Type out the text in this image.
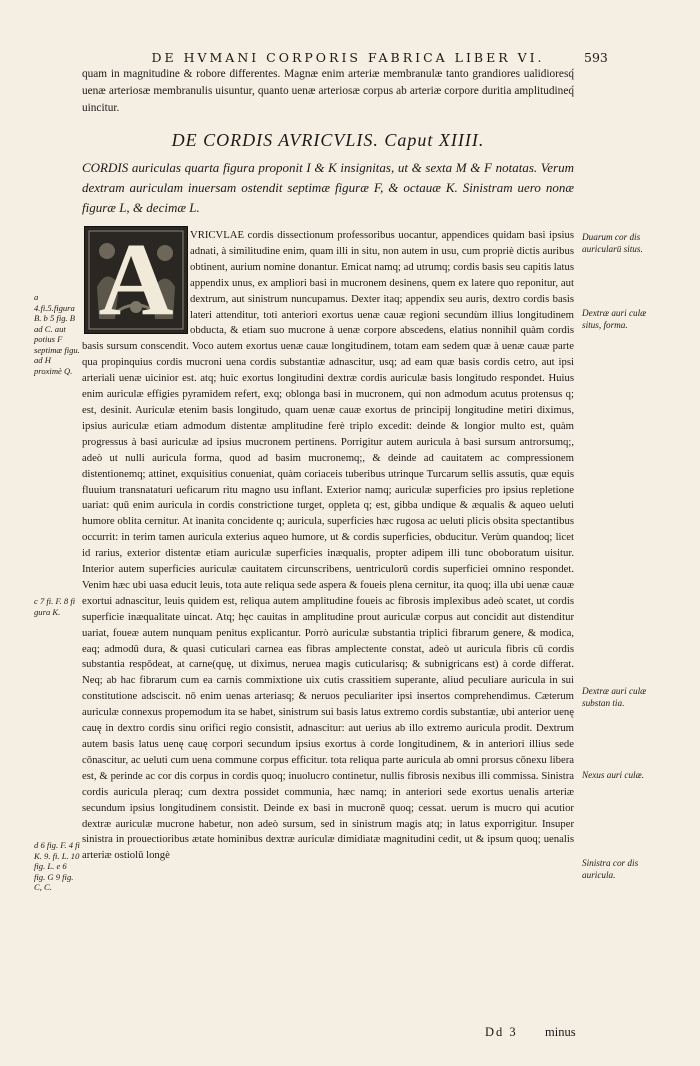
DE HVMANI CORPORIS FABRICA LIBER VI.	593
quam in magnitudine & robore differentes. Magnæ enim arteriæ membranulæ tanto grandiores ualidioresq́ uenæ arteriosæ membranulis uisuntur, quanto uenæ arteriosæ corpus ab arteriæ corpore duritia amplitudineq́ uincitur.
DE CORDIS AVRICVLIS. Caput XIIII.
CORDIS auriculas quarta figura proponit I & K insignitas, ut & sexta M & F notatas. Verum dextram auriculam inuersam ostendit septimæ figuræ F, & octauæ K. Sinistram uero nonæ figuræ L, & decimæ L.
A	VRICVLAE cordis dissectionum professoribus uocantur, appendices quidam basi ipsius adnati, à similitudine enim, quam illi in situ, non autem in usu, cum propriè dictis auribus obtinent, aurium nomine donantur. Emicat namq; ad utrumq; cordis basis seu capitis latus appendix unus, ex ampliori basi in mucronem desinens, quem ex latere quo reponitur, aut dextrum, aut sinistrum nuncupamus. Dexter itaq; appendix seu auris, dextro cordis basis lateri attenditur, toti anteriori exortus uenæ cauæ regioni secundùm illius longitudinem obducta, & etiam suo mucrone à uenæ corpore abscedens, elatius nonnihil quàm cordis basis sursum conscendit. Voco autem exortus uenæ cauæ longitudinem, totam eam sedem quæ à uenæ cauæ parte qua propinquius cordis mucroni uena cordis substantiæ adnascitur, usq; ad eam quæ basis cordis cetro, aut ipsi arteriali uenæ uicinior est. atq; huic exortus longitudini dextræ cordis auriculæ basis longitudo respondet. Huius enim auriculæ effigies pyramidem refert, exq; oblonga basi in mucronem, qui non admodum acutus protensus q; est, desinit. Auriculæ etenim basis longitudo, quam uenæ cauæ exortus de principij longitudine metiri diximus, ipsius auriculæ etiam admodum distentæ amplitudine ferè triplo excedit: deinde & longior multo est, quàm progressus à basi auriculæ ad ipsius mucronem pertinens. Porrigitur autem auricula à basi sursum antrorsumq;, adeò ut nulli auricula forma, quod ad basim mucronemq;, & deinde ad cauitatem ac compressionem distentionemq; attinet, exquisitius conueniat, quàm coriaceis tuberibus utrinque Turcarum sellis assutis, quæ equis fluuium transnataturi ueficarum ritu magno usu inflant. Exterior namq; auriculæ superficies pro ipsius repletione uariat: quū enim auricula in cordis constrictione turget, oppleta q; est, gibba undique & æqualis & aqueo ueluti humore oblita cernitur. At inanita concidente q; auricula, superficies hæc rugosa ac ueluti plicis obsita spectantibus occurrit: in terim tamen auricula exterius aqueo humore, ut & cordis superficies, obducitur. Verùm quandoq; licet id rarius, exterior distentæ etiam auriculæ superficies inæqualis, propter adipem illi tunc oboboratum uisitur. Interior autem superficies auriculæ cauitatem circunscribens, uentriculorū cordis superficiei omnino respondet. Venim hæc ubi uasa educit leuis, tota aute reliqua sede aspera & foueis plena cernitur, ita quoq; illa ubi uenæ cauæ exortui adnascitur, leuis quidem est, reliqua autem amplitudine foueis ac fibrosis implexibus adeò scatet, ut cordis superficie inæqualitate uincat. Atq; hęc cauitas in amplitudine prout auriculæ corpus aut concidit aut distenditur uariat, foueæ autem nunquam penitus explicantur. Porrò auriculæ substantia triplici fibrarum genere, & modica, eaq; admodū dura, & quasi cuticulari carnea eas fibras amplectente constat, adeò ut auricula fibris cū cordis substantia respōdeat, at carne(quę, ut diximus, neruea magis cuticularisq; & subnigricans est) à corde differat. Neq; ab hac fibrarum cum ea carnis commixtione uix cutis crassitiem superante, aliud peculiare auricula in sui constitutione adsciscit. nō enim uenas arteriasq; & neruos peculiariter ipsi insertos comprehendimus. Cæterum auriculæ connexus propemodum ita se habet, sinistrum sui basis latus extremo cordis substantiæ, ubi anterior uenę cauę in dextro cordis sinu orifici regio consistit, adnascitur: aut uerius ab illo extremo auricula prodit. Dextrum autem basis latus uenę cauę corpori secundum ipsius exortus à corde longitudinem, & in anteriori illius sede cōnascitur, ac ueluti cum uena commune corpus efficitur. tota reliqua parte auricula ab omni prorsus cōnexu libera est, & perinde ac cor dis corpus in cordis quoq; inuolucro continetur, nullis fibrosis nexibus illi commissa. Sinistra cordis auricula pleraq; cum dextra possidet communia, hæc namq; in anteriori sede exortus uenalis arteriæ secundum ipsius longitudinem consistit. Deinde ex basi in mucronē quoq; cessat. uerum is mucro qui acutior dextræ auriculæ mucrone habetur, non adeò sursum, sed in sinistrum magis atq; in latus exporrigitur. Insuper sinistra in prouectioribus ætate hominibus dextræ auriculæ dimidiatæ magnitudini cedit, ut & ipsum quoq; uenalis arteriæ ostiolū longè

a 4.fi.5.figura B. b 5 fig. B ad C. aut potius F septimæ figu. ad H proximè Q.
c 7 fi. F. 8 fi gura K.
d 6 fig. F. 4 fi K. 9. fi. L. 10 fig. L. e 6 fig. G 9 fig. C, C.
Duarum cor dis auricularū situs.
Dextræ auri culæ situs, forma.
Dextræ auri culæ substan tia.
Nexus auri culæ.
Sinistra cor dis auricula.
Dd 3 minus
